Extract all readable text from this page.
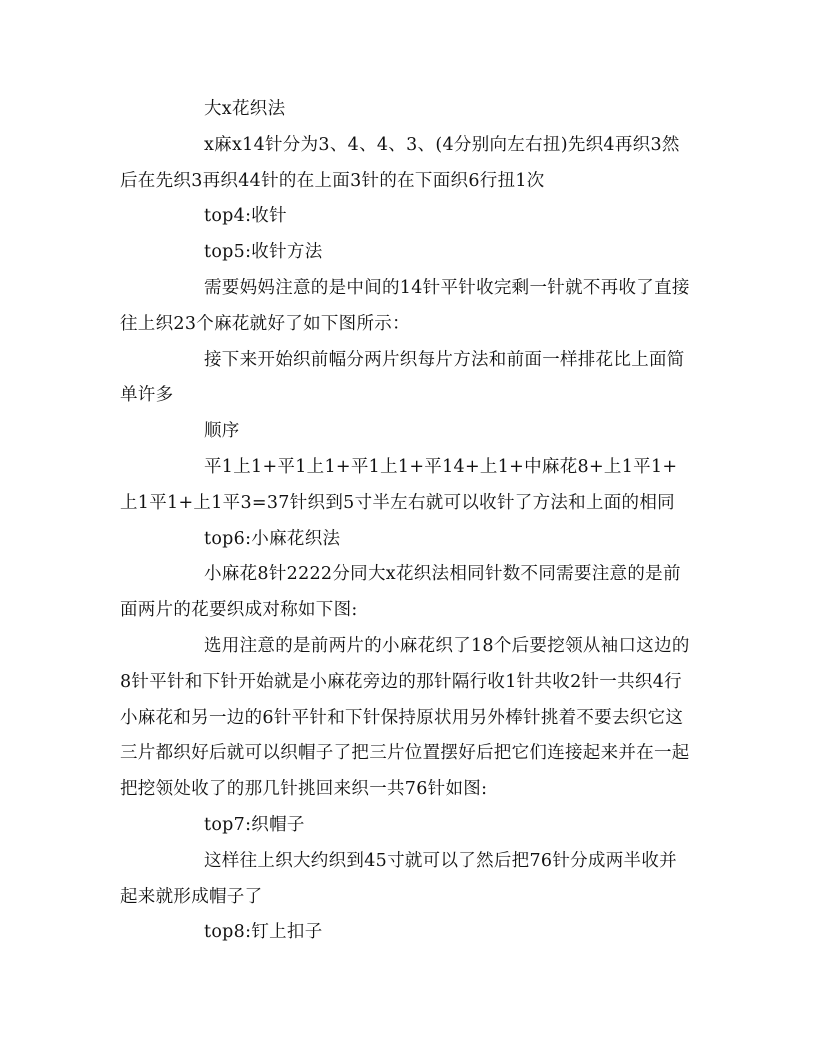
大x花织法

x麻x14针分为3、4、4、3、(4分别向左右扭)先织4再织3然后在先织3再织44针的在上面3针的在下面织6行扭1次

top4:收针

top5:收针方法

需要妈妈注意的是中间的14针平针收完剩一针就不再收了直接往上织23个麻花就好了如下图所示：

接下来开始织前幅分两片织每片方法和前面一样排花比上面简单许多

顺序

平1上1+平1上1+平1上1+平14+上1+中麻花8+上1平1+上1平1+上1平3=37针织到5寸半左右就可以收针了方法和上面的相同

top6:小麻花织法

小麻花8针2222分同大x花织法相同针数不同需要注意的是前面两片的花要织成对称如下图:

选用注意的是前两片的小麻花织了18个后要挖领从袖口这边的8针平针和下针开始就是小麻花旁边的那针隔行收1针共收2针一共织4行小麻花和另一边的6针平针和下针保持原状用另外棒针挑着不要去织它这三片都织好后就可以织帽子了把三片位置摆好后把它们连接起来并在一起把挖领处收了的那几针挑回来织一共76针如图:

top7:织帽子

这样往上织大约织到45寸就可以了然后把76针分成两半收并起来就形成帽子了

top8:钉上扣子
